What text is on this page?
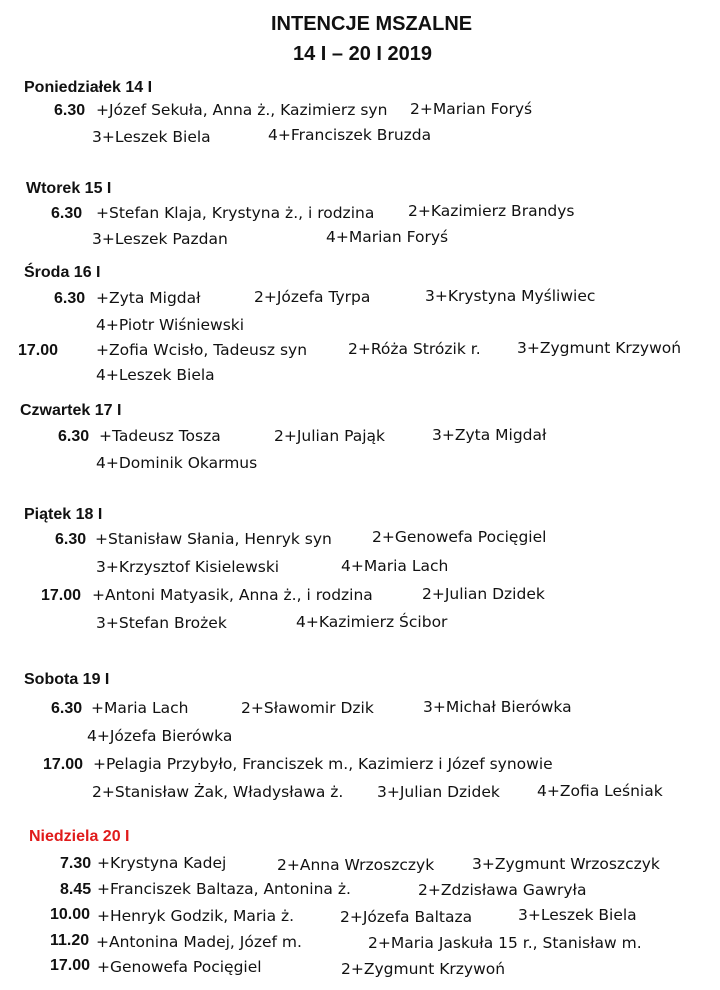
INTENCJE MSZALNE
14 I – 20 I 2019
Poniedziałek 14 I
6.30 +Józef Sekuła, Anna ż., Kazimierz syn 2+Marian Foryś
3+Leszek Biela	4+Franciszek Bruzda
Wtorek 15 I
6.30 +Stefan Klaja, Krystyna ż., i rodzina 2+Kazimierz Brandys
3+Leszek Pazdan	4+Marian Foryś
Środa 16 I
6.30 +Zyta Migdał	2+Józefa Tyrpa	3+Krystyna Myśliwiec
4+Piotr Wiśniewski
17.00 +Zofia Wcisło, Tadeusz syn	2+Róża Strózik r. 3+Zygmunt Krzywoń
4+Leszek Biela
Czwartek 17 I
6.30 +Tadeusz Tosza	2+Julian Pająk	3+Zyta Migdał
4+Dominik Okarmus
Piątek 18 I
6.30 +Stanisław Słania, Henryk syn	2+Genowefa Pocięgiel
3+Krzysztof Kisielewski	4+Maria Lach
17.00 +Antoni Matyasik, Anna ż., i rodzina	2+Julian Dzidek
3+Stefan Brożek	4+Kazimierz Ścibor
Sobota 19 I
6.30 +Maria Lach	2+Sławomir Dzik	3+Michał Bierówka
4+Józefa Bierówka
17.00 +Pelagia Przybyło, Franciszek m., Kazimierz i Józef synowie
2+Stanisław Żak, Władysława ż. 3+Julian Dzidek 4+Zofia Leśniak
Niedziela 20 I
7.30 +Krystyna Kadej	2+Anna Wrzoszczyk 3+Zygmunt Wrzoszczyk
8.45 +Franciszek Baltaza, Antonina ż.	2+Zdzisława Gawryła
10.00 +Henryk Godzik, Maria ż.	2+Józefa Baltaza	3+Leszek Biela
11.20 +Antonina Madej, Józef m.	2+Maria Jaskuła 15 r., Stanisław m.
17.00 +Genowefa Pocięgiel	2+Zygmunt Krzywoń
